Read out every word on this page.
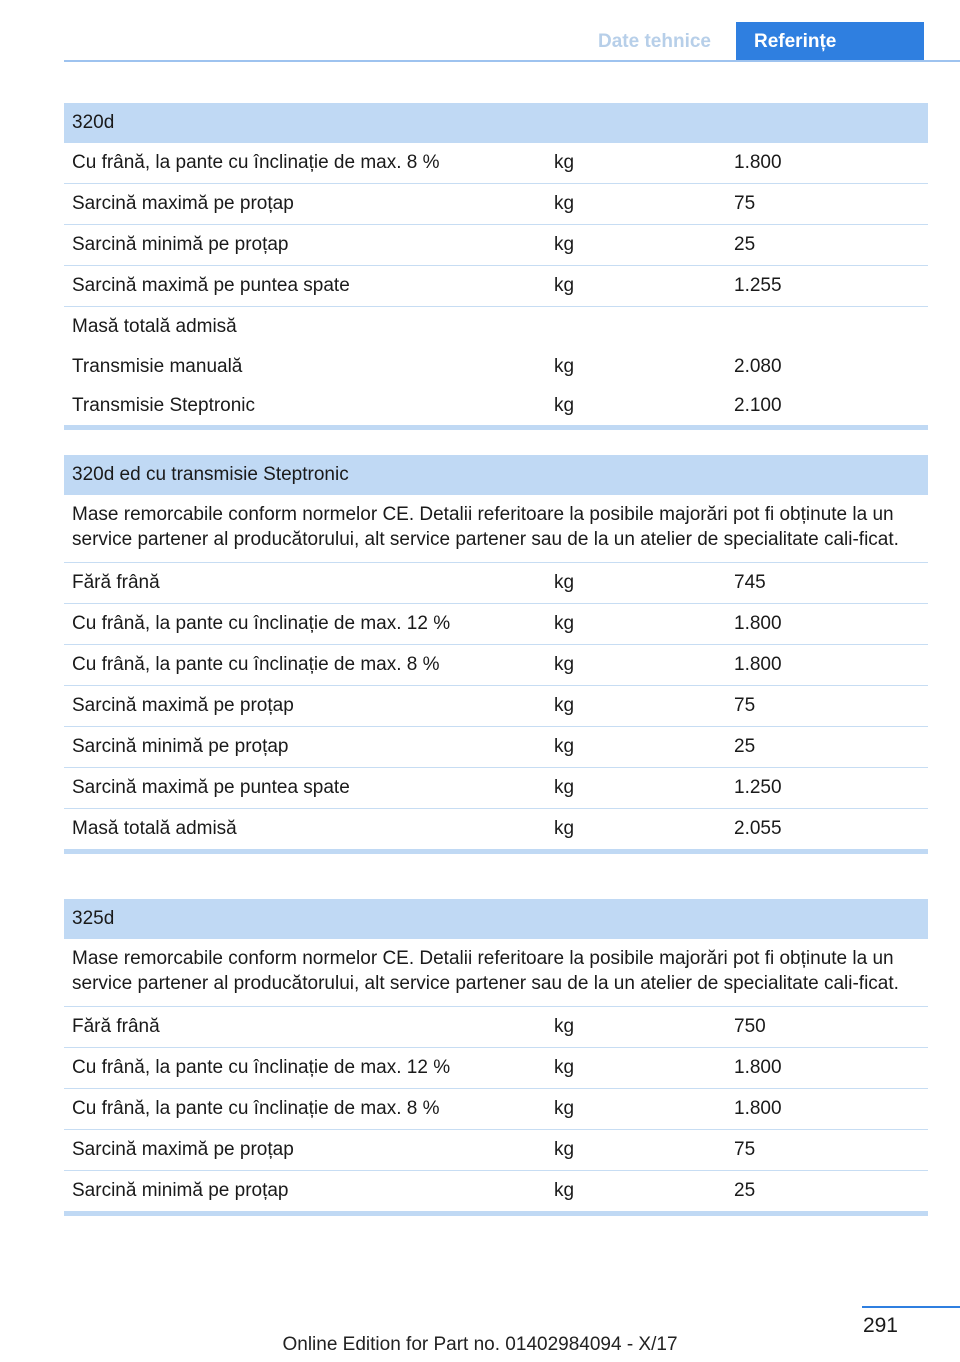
Date tehnice	Referințe
320d
Cu frână, la pante cu înclinație de max. 8 %	kg	1.800
Sarcină maximă pe proțap	kg	75
Sarcină minimă pe proțap	kg	25
Sarcină maximă pe puntea spate	kg	1.255
Masă totală admisă
Transmisie manuală	kg	2.080
Transmisie Steptronic	kg	2.100
320d ed cu transmisie Steptronic
Mase remorcabile conform normelor CE. Detalii referitoare la posibile majorări pot fi obținute la un service partener al producătorului, alt service partener sau de la un atelier de specialitate cali-ficat.
Fără frână	kg	745
Cu frână, la pante cu înclinație de max. 12 %	kg	1.800
Cu frână, la pante cu înclinație de max. 8 %	kg	1.800
Sarcină maximă pe proțap	kg	75
Sarcină minimă pe proțap	kg	25
Sarcină maximă pe puntea spate	kg	1.250
Masă totală admisă	kg	2.055
325d
Mase remorcabile conform normelor CE. Detalii referitoare la posibile majorări pot fi obținute la un service partener al producătorului, alt service partener sau de la un atelier de specialitate cali-ficat.
Fără frână	kg	750
Cu frână, la pante cu înclinație de max. 12 %	kg	1.800
Cu frână, la pante cu înclinație de max. 8 %	kg	1.800
Sarcină maximă pe proțap	kg	75
Sarcină minimă pe proțap	kg	25
291
Online Edition for Part no. 01402984094 - X/17
